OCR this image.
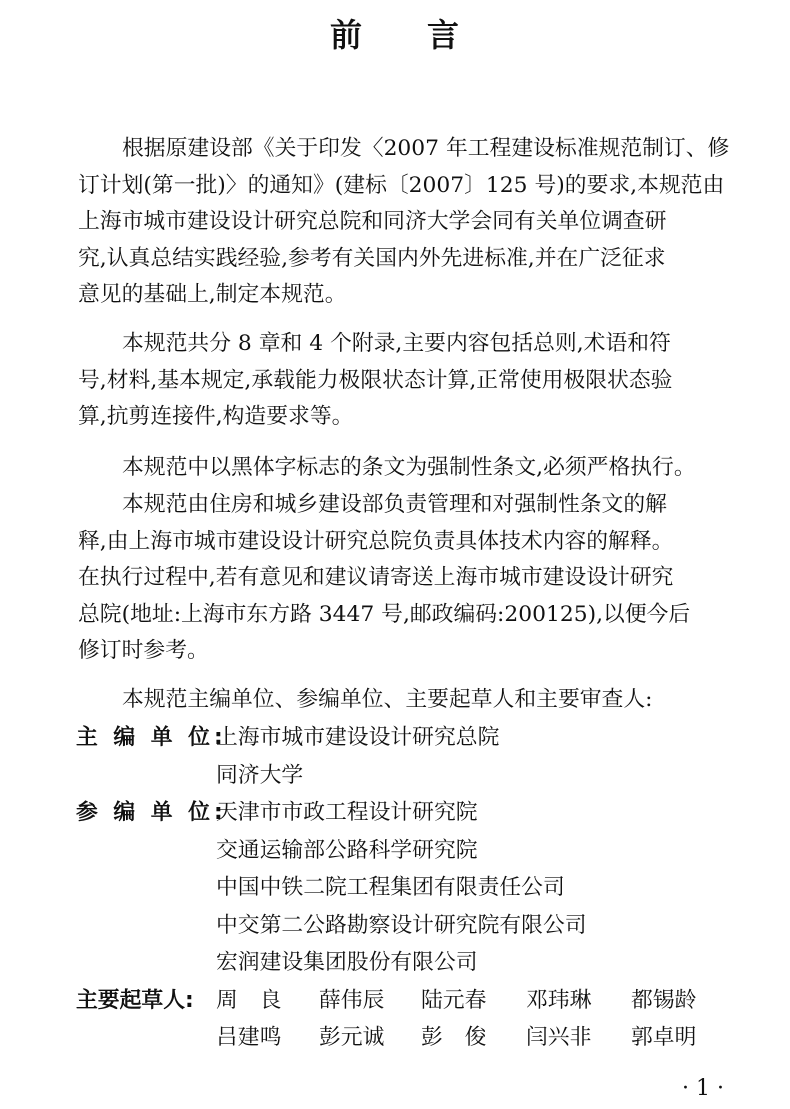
前 言
根据原建设部《关于印发〈2007 年工程建设标准规范制订、修
订计划(第一批)〉的通知》(建标〔2007〕125 号)的要求,本规范由
上海市城市建设设计研究总院和同济大学会同有关单位调查研
究,认真总结实践经验,参考有关国内外先进标准,并在广泛征求
意见的基础上,制定本规范。
本规范共分 8 章和 4 个附录,主要内容包括总则,术语和符
号,材料,基本规定,承载能力极限状态计算,正常使用极限状态验
算,抗剪连接件,构造要求等。
本规范中以黑体字标志的条文为强制性条文,必须严格执行。
本规范由住房和城乡建设部负责管理和对强制性条文的解
释,由上海市城市建设设计研究总院负责具体技术内容的解释。
在执行过程中,若有意见和建议请寄送上海市城市建设设计研究
总院(地址:上海市东方路 3447 号,邮政编码:200125),以便今后
修订时参考。
本规范主编单位、参编单位、主要起草人和主要审查人:
主 编 单 位:
上海市城市建设设计研究总院
同济大学
参 编 单 位:
天津市市政工程设计研究院
交通运输部公路科学研究院
中国中铁二院工程集团有限责任公司
中交第二公路勘察设计研究院有限公司
宏润建设集团股份有限公司
主要起草人:	周　良 薛伟辰 陆元春 邓玮琳 都锡龄
吕建鸣 彭元诚 彭　俊 闫兴非 郭卓明
· 1 ·
